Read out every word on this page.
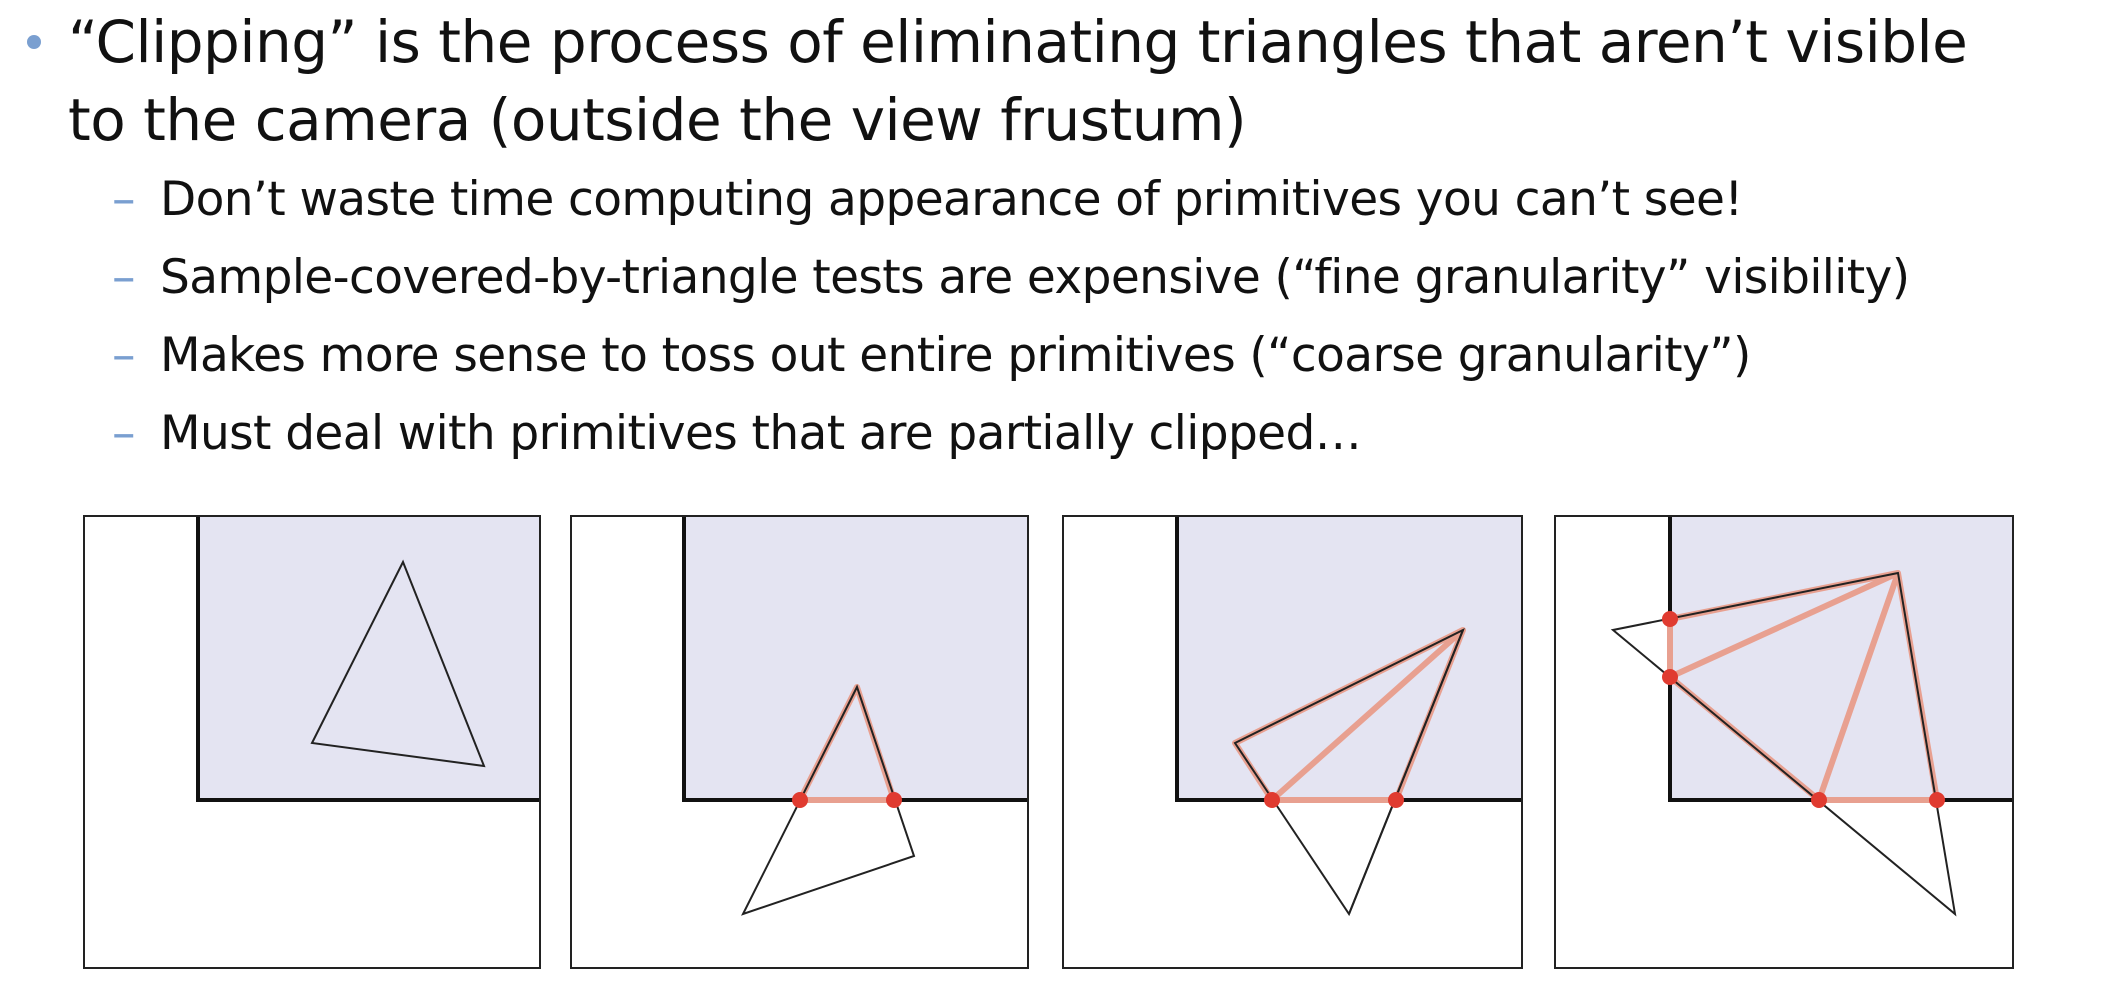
“Clipping” is the process of eliminating triangles that aren’t visible
to the camera (outside the view frustum)
– Don’t waste time computing appearance of primitives you can’t see!
– Sample-covered-by-triangle tests are expensive (“fine granularity” visibility)
– Makes more sense to toss out entire primitives (“coarse granularity”)
– Must deal with primitives that are partially clipped…
